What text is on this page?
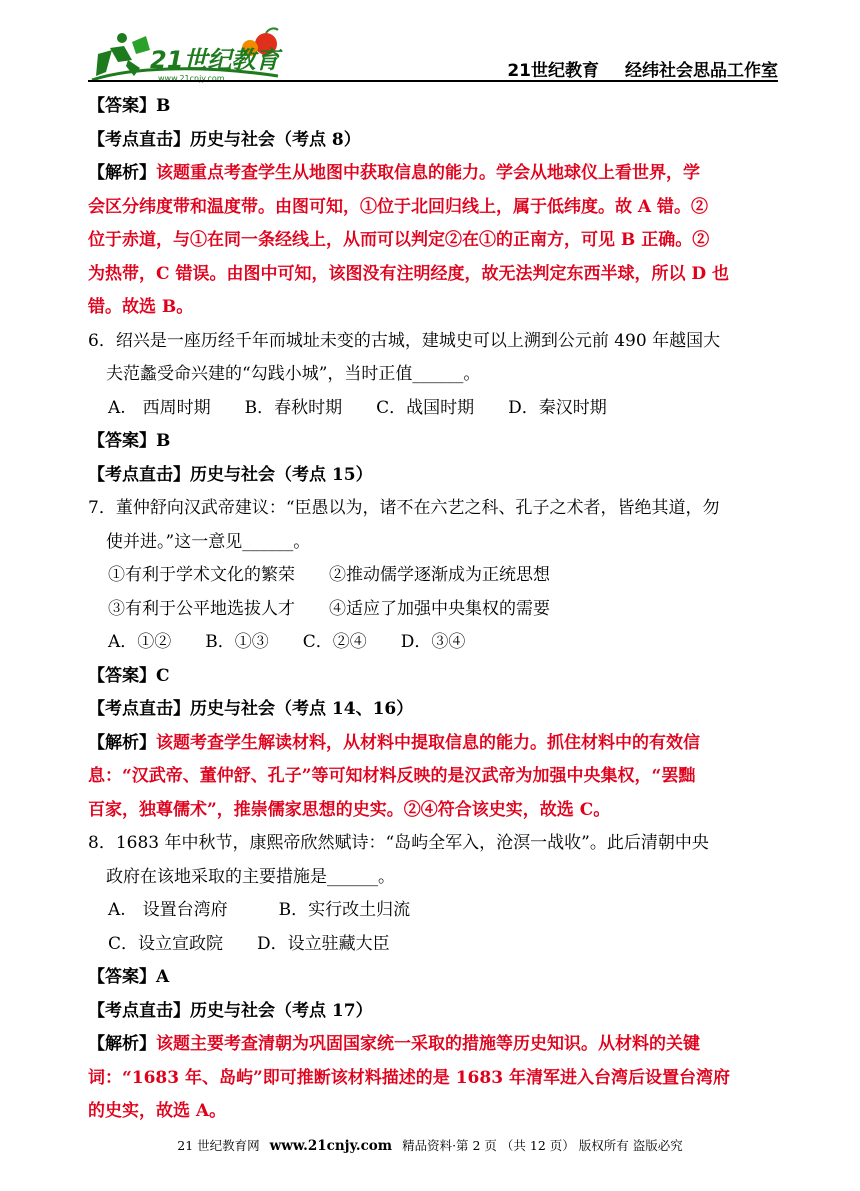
21世纪教育
www.21cnjy.com	21世纪教育 经纬社会思品工作室
【答案】B
【考点直击】历史与社会（考点 8）
【解析】该题重点考查学生从地图中获取信息的能力。学会从地球仪上看世界，学
会区分纬度带和温度带。由图可知，①位于北回归线上，属于低纬度。故 A 错。②
位于赤道，与①在同一条经线上，从而可以判定②在①的正南方，可见 B 正确。②
为热带，C 错误。由图中可知，该图没有注明经度，故无法判定东西半球，所以 D 也
错。故选 B。
6．绍兴是一座历经千年而城址未变的古城，建城史可以上溯到公元前 490 年越国大
夫范蠡受命兴建的“勾践小城”，当时正值______。
A.　西周时期　　B．春秋时期　　C．战国时期　　D．秦汉时期
【答案】B
【考点直击】历史与社会（考点 15）
7．董仲舒向汉武帝建议：“臣愚以为，诸不在六艺之科、孔子之术者，皆绝其道，勿
使并进。”这一意见______。
①有利于学术文化的繁荣　　②推动儒学逐渐成为正统思想
③有利于公平地选拔人才　　④适应了加强中央集权的需要
A．①②　　B．①③　　C．②④　　D．③④
【答案】C
【考点直击】历史与社会（考点 14、16）
【解析】该题考查学生解读材料，从材料中提取信息的能力。抓住材料中的有效信
息：“汉武帝、董仲舒、孔子”等可知材料反映的是汉武帝为加强中央集权，“罢黜
百家，独尊儒术”，推崇儒家思想的史实。②④符合该史实，故选 C。
8．1683 年中秋节，康熙帝欣然赋诗：“岛屿全军入，沧溟一战收”。此后清朝中央
政府在该地采取的主要措施是______。
A.　设置台湾府　　　B．实行改土归流
C．设立宣政院　　D．设立驻藏大臣
【答案】A
【考点直击】历史与社会（考点 17）
【解析】该题主要考查清朝为巩固国家统一采取的措施等历史知识。从材料的关键
词：“1683 年、岛屿”即可推断该材料描述的是 1683 年清军进入台湾后设置台湾府
的史实，故选 A。
21 世纪教育网 www.21cnjy.com 精品资料·第 2 页 （共 12 页） 版权所有 盗版必究
